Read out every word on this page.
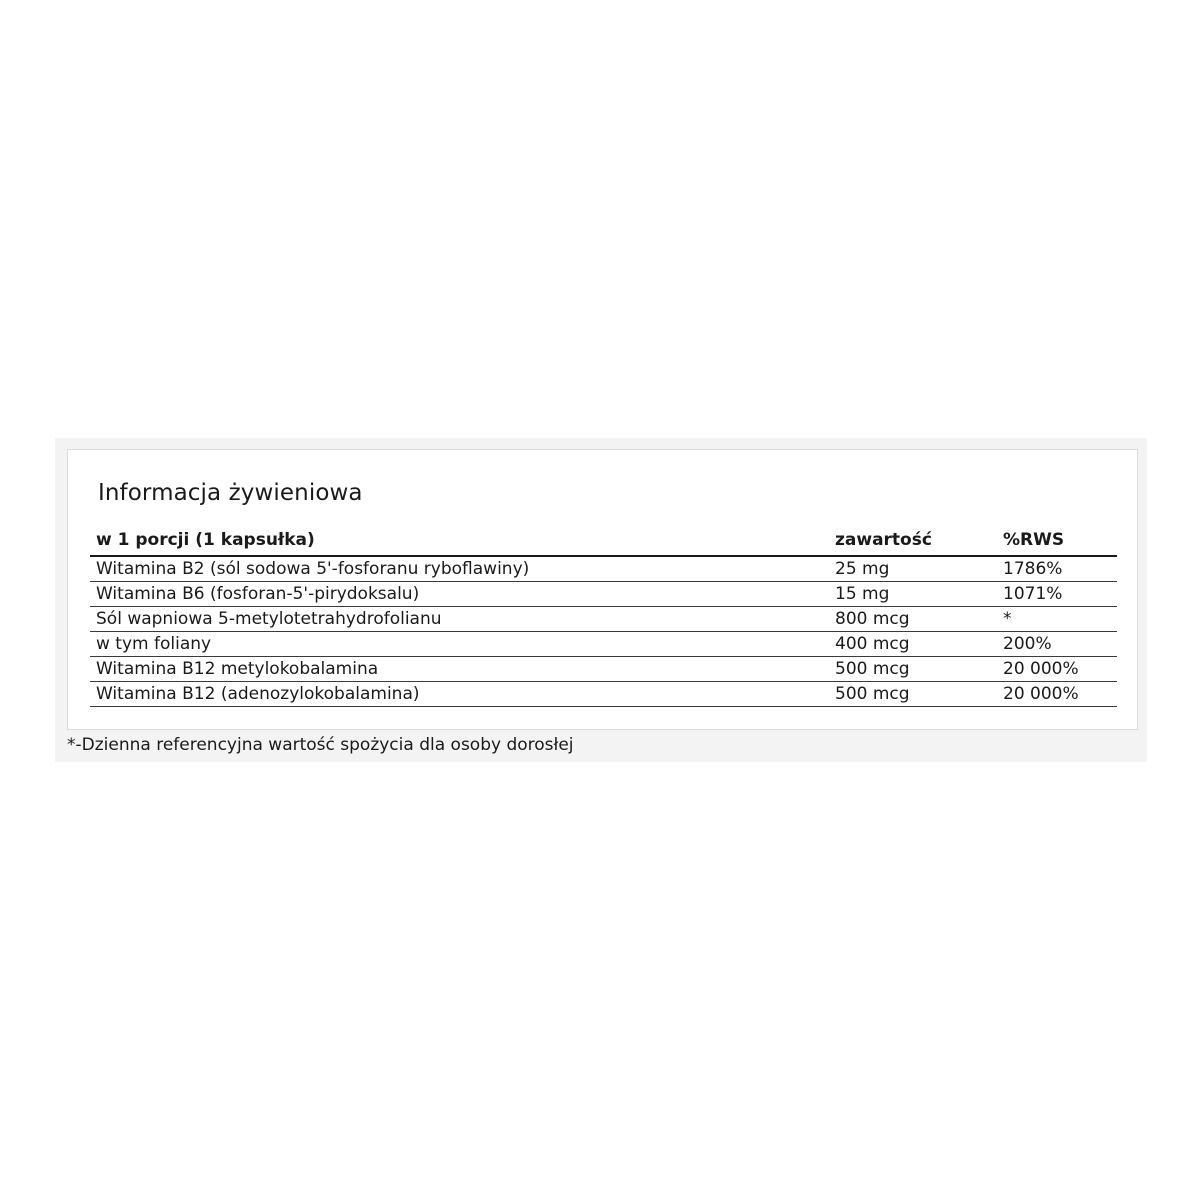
Informacja żywieniowa
w 1 porcji (1 kapsułka)	zawartość	%RWS
Witamina B2 (sól sodowa 5'-fosforanu ryboflawiny)	25 mg	1786%
Witamina B6 (fosforan-5'-pirydoksalu)	15 mg	1071%
Sól wapniowa 5-metylotetrahydrofolianu	800 mcg	*
w tym foliany	400 mcg	200%
Witamina B12 metylokobalamina	500 mcg	20 000%
Witamina B12 (adenozylokobalamina)	500 mcg	20 000%
*-Dzienna referencyjna wartość spożycia dla osoby dorosłej
